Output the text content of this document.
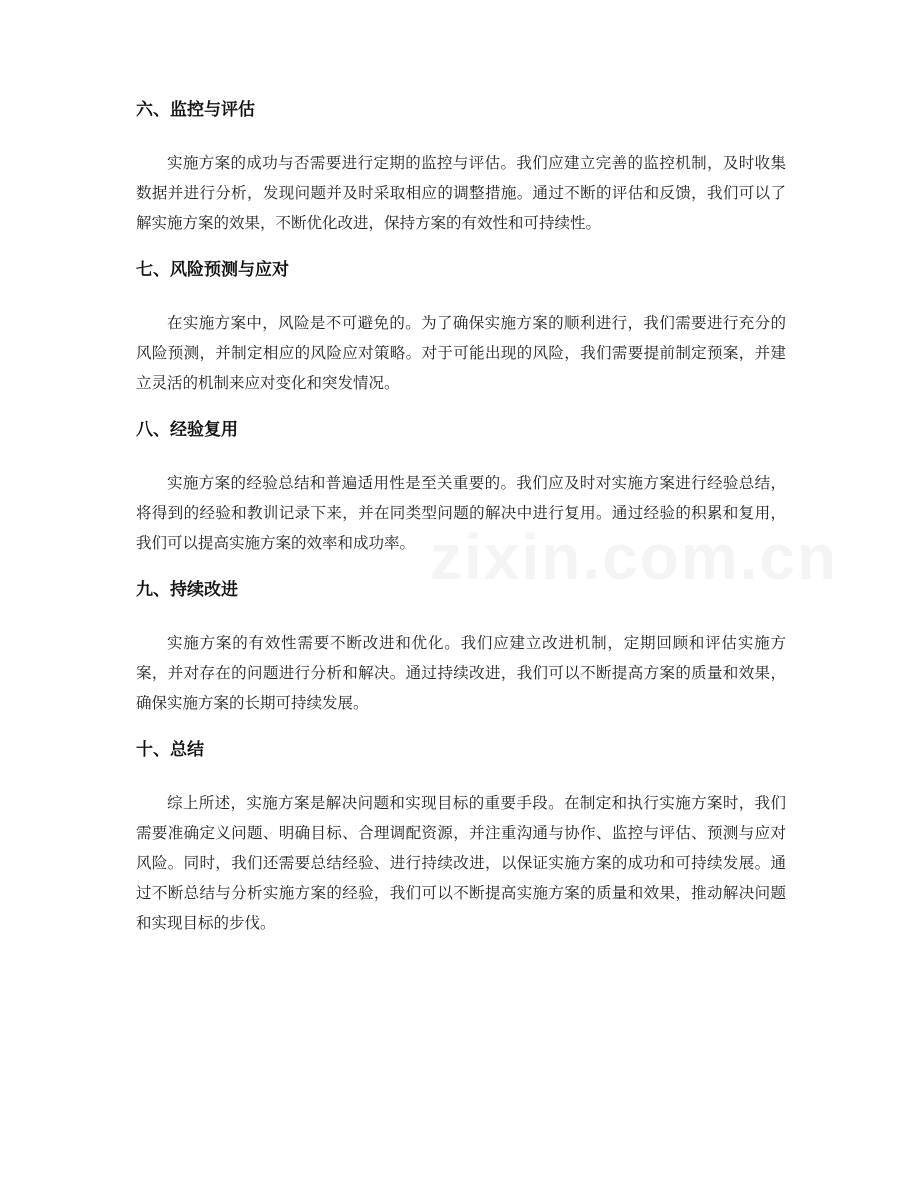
六、监控与评估

实施方案的成功与否需要进行定期的监控与评估。我们应建立完善的监控机制，及时收集数据并进行分析，发现问题并及时采取相应的调整措施。通过不断的评估和反馈，我们可以了解实施方案的效果，不断优化改进，保持方案的有效性和可持续性。

七、风险预测与应对

在实施方案中，风险是不可避免的。为了确保实施方案的顺利进行，我们需要进行充分的风险预测，并制定相应的风险应对策略。对于可能出现的风险，我们需要提前制定预案，并建立灵活的机制来应对变化和突发情况。

八、经验复用

实施方案的经验总结和普遍适用性是至关重要的。我们应及时对实施方案进行经验总结，将得到的经验和教训记录下来，并在同类型问题的解决中进行复用。通过经验的积累和复用，我们可以提高实施方案的效率和成功率。

九、持续改进

实施方案的有效性需要不断改进和优化。我们应建立改进机制，定期回顾和评估实施方案，并对存在的问题进行分析和解决。通过持续改进，我们可以不断提高方案的质量和效果，确保实施方案的长期可持续发展。

十、总结

综上所述，实施方案是解决问题和实现目标的重要手段。在制定和执行实施方案时，我们需要准确定义问题、明确目标、合理调配资源，并注重沟通与协作、监控与评估、预测与应对风险。同时，我们还需要总结经验、进行持续改进，以保证实施方案的成功和可持续发展。通过不断总结与分析实施方案的经验，我们可以不断提高实施方案的质量和效果，推动解决问题和实现目标的步伐。
